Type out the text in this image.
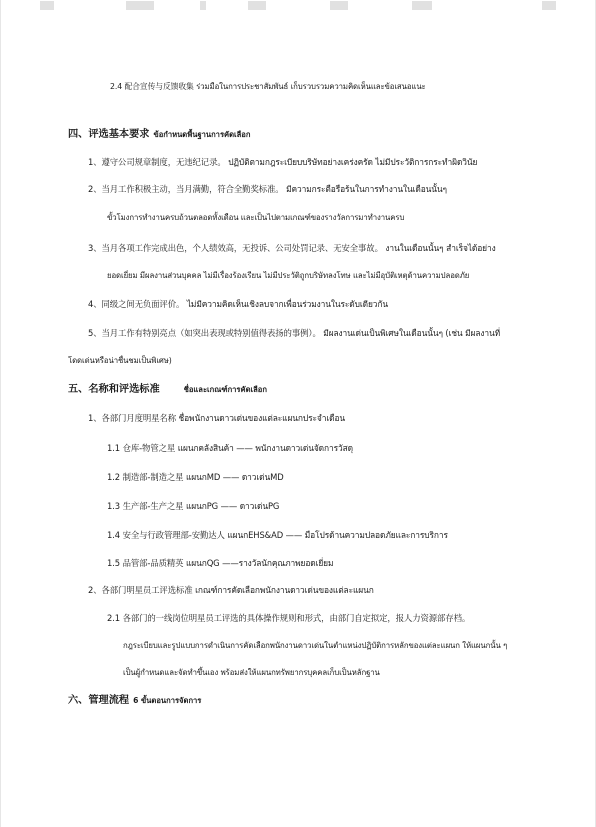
2.4 配合宣传与反馈收集 ร่วมมือในการประชาสัมพันธ์ เก็บรวบรวมความคิดเห็นและข้อเสนอแนะ
四、评选基本要求 ข้อกำหนดพื้นฐานการคัดเลือก
1、遵守公司规章制度，无违纪记录。 ปฏิบัติตามกฎระเบียบบริษัทอย่างเคร่งครัด ไม่มีประวัติการกระทำผิดวินัย
2、当月工作积极主动，当月满勤，符合全勤奖标准。 มีความกระตือรือร้นในการทำงานในเดือนนั้นๆ
ขั้วโมงการทำงานครบถ้วนตลอดทั้งเดือน และเป็นไปตามเกณฑ์ของรางวัลการมาทำงานครบ
3、当月各项工作完成出色，个人绩效高，无投诉、公司处罚记录、无安全事故。 งานในเดือนนั้นๆ สำเร็จได้อย่าง
ยอดเยี่ยม มีผลงานส่วนบุคคล ไม่มีเรื่องร้องเรียน ไม่มีประวัติถูกบริษัทลงโทษ และไม่มีอุบัติเหตุด้านความปลอดภัย
4、同级之间无负面评价。 ไม่มีความคิดเห็นเชิงลบจากเพื่อนร่วมงานในระดับเดียวกัน
5、当月工作有特别亮点（如突出表现或特别值得表扬的事例）。 มีผลงานเด่นเป็นพิเศษในเดือนนั้นๆ (เช่น มีผลงานที่
โดดเด่นหรือน่าชื่นชมเป็นพิเศษ)
五、名称和评选标准	ชื่อและเกณฑ์การคัดเลือก
1、各部门月度明星名称 ชื่อพนักงานดาวเด่นของแต่ละแผนกประจำเดือน
1.1 仓库-物管之星 แผนกคลังสินค้า —— พนักงานดาวเด่นจัดการวัสดุ
1.2 制造部-制造之星 แผนกMD —— ดาวเด่นMD
1.3 生产部-生产之星 แผนกPG —— ดาวเด่นPG
1.4 安全与行政管理部-安勤达人 แผนกEHS&AD —— มือโปรด้านความปลอดภัยและการบริการ
1.5 品管部-品质精英 แผนกQG ——รางวัลนักคุณภาพยอดเยี่ยม
2、各部门明星员工评选标准 เกณฑ์การคัดเลือกพนักงานดาวเด่นของแต่ละแผนก
2.1 各部门的一线岗位明星员工评选的具体操作规则和形式，由部门自定拟定，报人力资源部存档。
กฎระเบียบและรูปแบบการดำเนินการคัดเลือกพนักงานดาวเด่นในตำแหน่งปฏิบัติการหลักของแต่ละแผนก ให้แผนกนั้น ๆ
เป็นผู้กำหนดและจัดทำขึ้นเอง พร้อมส่งให้แผนกทรัพยากรบุคคลเก็บเป็นหลักฐาน
六、管理流程 6 ขั้นตอนการจัดการ
